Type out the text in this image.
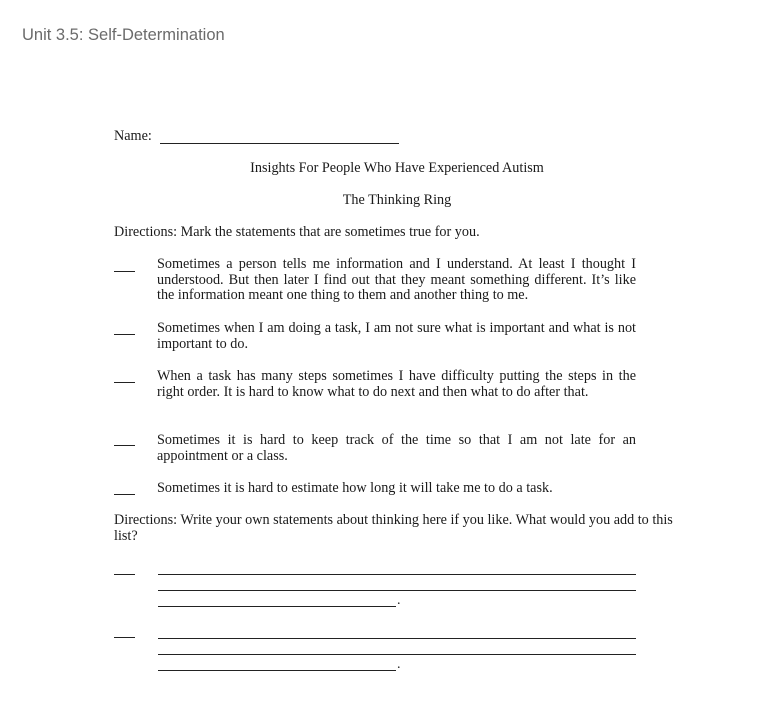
Unit 3.5: Self-Determination
Name:
Insights For People Who Have Experienced Autism
The Thinking Ring
Directions: Mark the statements that are sometimes true for you.

Sometimes a person tells me information and I understand. At least I thought I understood. But then later I find out that they meant something different. It’s like the information meant one thing to them and another thing to me.

Sometimes when I am doing a task, I am not sure what is important and what is not important to do.

When a task has many steps sometimes I have difficulty putting the steps in the right order. It is hard to know what to do next and then what to do after that.

Sometimes it is hard to keep track of the time so that I am not late for an appointment or a class.

Sometimes it is hard to estimate how long it will take me to do a task.

Directions: Write your own statements about thinking here if you like. What would you add to this list?
.
.
